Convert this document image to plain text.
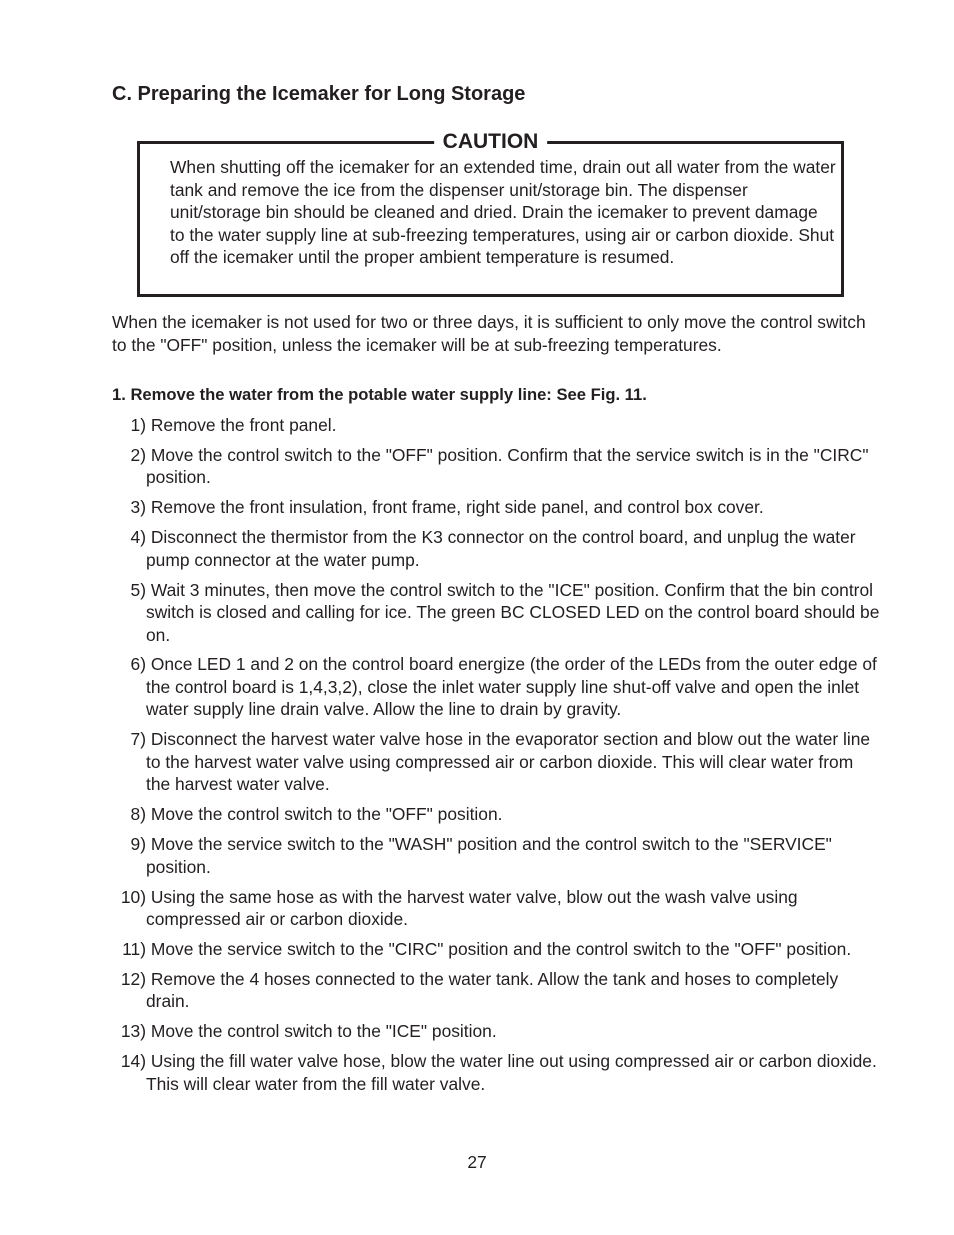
C. Preparing the Icemaker for Long Storage
CAUTION
When shutting off the icemaker for an extended time, drain out all water from the water tank and remove the ice from the dispenser unit/storage bin. The dispenser unit/storage bin should be cleaned and dried. Drain the icemaker to prevent damage to the water supply line at sub-freezing temperatures, using air or carbon dioxide. Shut off the icemaker until the proper ambient temperature is resumed.
When the icemaker is not used for two or three days, it is sufficient to only move the control switch to the "OFF" position, unless the icemaker will be at sub-freezing temperatures.
1. Remove the water from the potable water supply line: See Fig. 11.
1) Remove the front panel.
2) Move the control switch to the "OFF" position. Confirm that the service switch is in the "CIRC" position.
3) Remove the front insulation, front frame, right side panel, and control box cover.
4) Disconnect the thermistor from the K3 connector on the control board, and unplug the water pump connector at the water pump.
5) Wait 3 minutes, then move the control switch to the "ICE" position. Confirm that the bin control switch is closed and calling for ice. The green BC CLOSED LED on the control board should be on.
6) Once LED 1 and 2 on the control board energize (the order of the LEDs from the outer edge of the control board is 1,4,3,2), close the inlet water supply line shut-off valve and open the inlet water supply line drain valve. Allow the line to drain by gravity.
7) Disconnect the harvest water valve hose in the evaporator section and blow out the water line to the harvest water valve using compressed air or carbon dioxide. This will clear water from the harvest water valve.
8) Move the control switch to the "OFF" position.
9) Move the service switch to the "WASH" position and the control switch to the "SERVICE" position.
10) Using the same hose as with the harvest water valve, blow out the wash valve using compressed air or carbon dioxide.
11) Move the service switch to the "CIRC" position and the control switch to the "OFF" position.
12) Remove the 4 hoses connected to the water tank. Allow the tank and hoses to completely drain.
13) Move the control switch to the "ICE" position.
14) Using the fill water valve hose, blow the water line out using compressed air or carbon dioxide. This will clear water from the fill water valve.
27
